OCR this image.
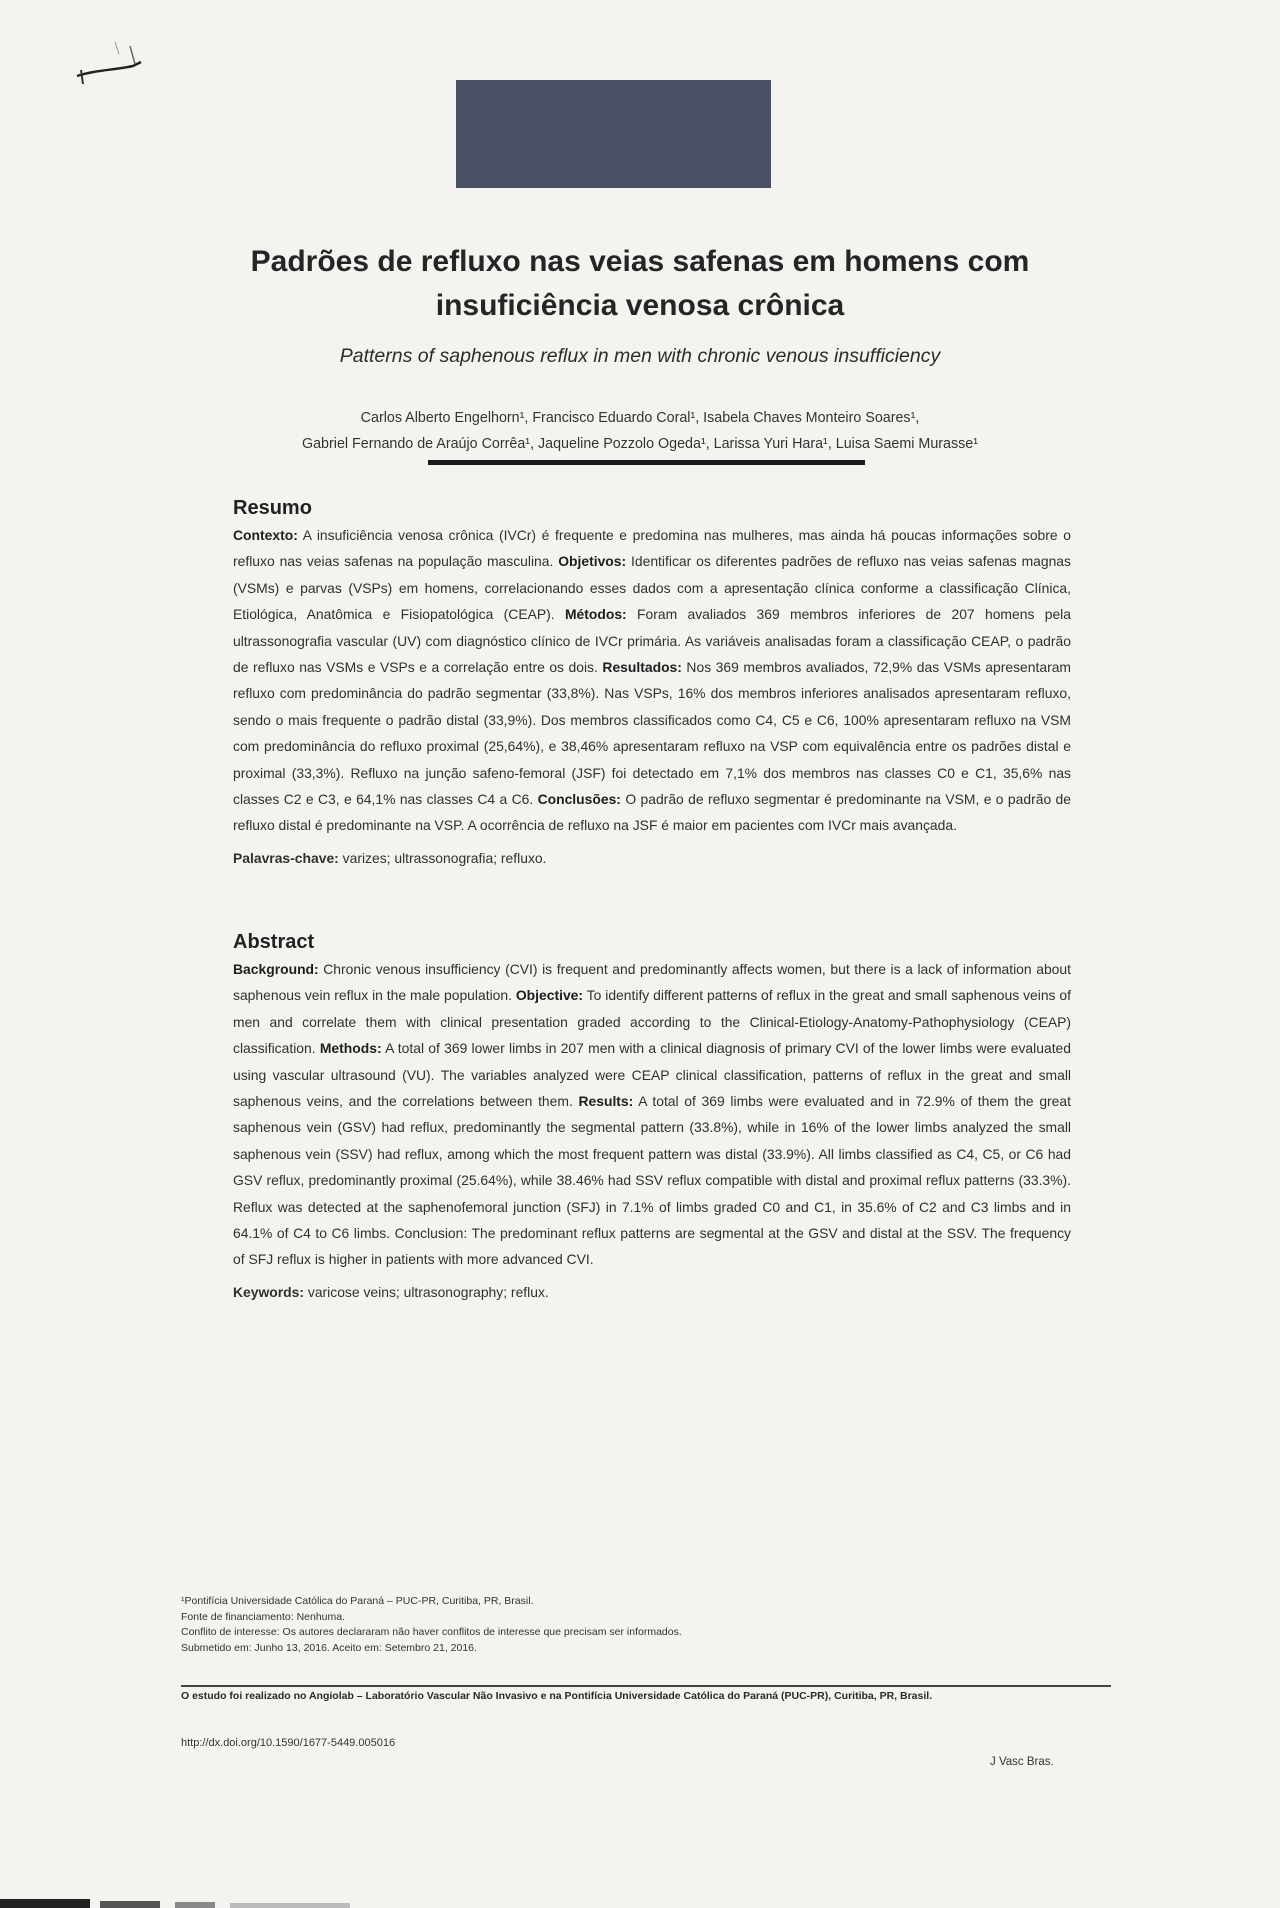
Padrões de refluxo nas veias safenas em homens com insuficiência venosa crônica
Patterns of saphenous reflux in men with chronic venous insufficiency
Carlos Alberto Engelhorn¹, Francisco Eduardo Coral¹, Isabela Chaves Monteiro Soares¹,
Gabriel Fernando de Araújo Corrêa¹, Jaqueline Pozzolo Ogeda¹, Larissa Yuri Hara¹, Luisa Saemi Murasse¹
Resumo

Contexto: A insuficiência venosa crônica (IVCr) é frequente e predomina nas mulheres, mas ainda há poucas informações sobre o refluxo nas veias safenas na população masculina. Objetivos: Identificar os diferentes padrões de refluxo nas veias safenas magnas (VSMs) e parvas (VSPs) em homens, correlacionando esses dados com a apresentação clínica conforme a classificação Clínica, Etiológica, Anatômica e Fisiopatológica (CEAP). Métodos: Foram avaliados 369 membros inferiores de 207 homens pela ultrassonografia vascular (UV) com diagnóstico clínico de IVCr primária. As variáveis analisadas foram a classificação CEAP, o padrão de refluxo nas VSMs e VSPs e a correlação entre os dois. Resultados: Nos 369 membros avaliados, 72,9% das VSMs apresentaram refluxo com predominância do padrão segmentar (33,8%). Nas VSPs, 16% dos membros inferiores analisados apresentaram refluxo, sendo o mais frequente o padrão distal (33,9%). Dos membros classificados como C4, C5 e C6, 100% apresentaram refluxo na VSM com predominância do refluxo proximal (25,64%), e 38,46% apresentaram refluxo na VSP com equivalência entre os padrões distal e proximal (33,3%). Refluxo na junção safeno-femoral (JSF) foi detectado em 7,1% dos membros nas classes C0 e C1, 35,6% nas classes C2 e C3, e 64,1% nas classes C4 a C6. Conclusões: O padrão de refluxo segmentar é predominante na VSM, e o padrão de refluxo distal é predominante na VSP. A ocorrência de refluxo na JSF é maior em pacientes com IVCr mais avançada.

Palavras-chave: varizes; ultrassonografia; refluxo.

Abstract

Background: Chronic venous insufficiency (CVI) is frequent and predominantly affects women, but there is a lack of information about saphenous vein reflux in the male population. Objective: To identify different patterns of reflux in the great and small saphenous veins of men and correlate them with clinical presentation graded according to the Clinical-Etiology-Anatomy-Pathophysiology (CEAP) classification. Methods: A total of 369 lower limbs in 207 men with a clinical diagnosis of primary CVI of the lower limbs were evaluated using vascular ultrasound (VU). The variables analyzed were CEAP clinical classification, patterns of reflux in the great and small saphenous veins, and the correlations between them. Results: A total of 369 limbs were evaluated and in 72.9% of them the great saphenous vein (GSV) had reflux, predominantly the segmental pattern (33.8%), while in 16% of the lower limbs analyzed the small saphenous vein (SSV) had reflux, among which the most frequent pattern was distal (33.9%). All limbs classified as C4, C5, or C6 had GSV reflux, predominantly proximal (25.64%), while 38.46% had SSV reflux compatible with distal and proximal reflux patterns (33.3%). Reflux was detected at the saphenofemoral junction (SFJ) in 7.1% of limbs graded C0 and C1, in 35.6% of C2 and C3 limbs and in 64.1% of C4 to C6 limbs. Conclusion: The predominant reflux patterns are segmental at the GSV and distal at the SSV. The frequency of SFJ reflux is higher in patients with more advanced CVI.

Keywords: varicose veins; ultrasonography; reflux.

¹Pontifícia Universidade Católica do Paraná – PUC-PR, Curitiba, PR, Brasil.
Fonte de financiamento: Nenhuma.
Conflito de interesse: Os autores declararam não haver conflitos de interesse que precisam ser informados.
Submetido em: Junho 13, 2016. Aceito em: Setembro 21, 2016.
O estudo foi realizado no Angiolab – Laboratório Vascular Não Invasivo e na Pontifícia Universidade Católica do Paraná (PUC-PR), Curitiba, PR, Brasil.
http://dx.doi.org/10.1590/1677-5449.005016
J Vasc Bras.
